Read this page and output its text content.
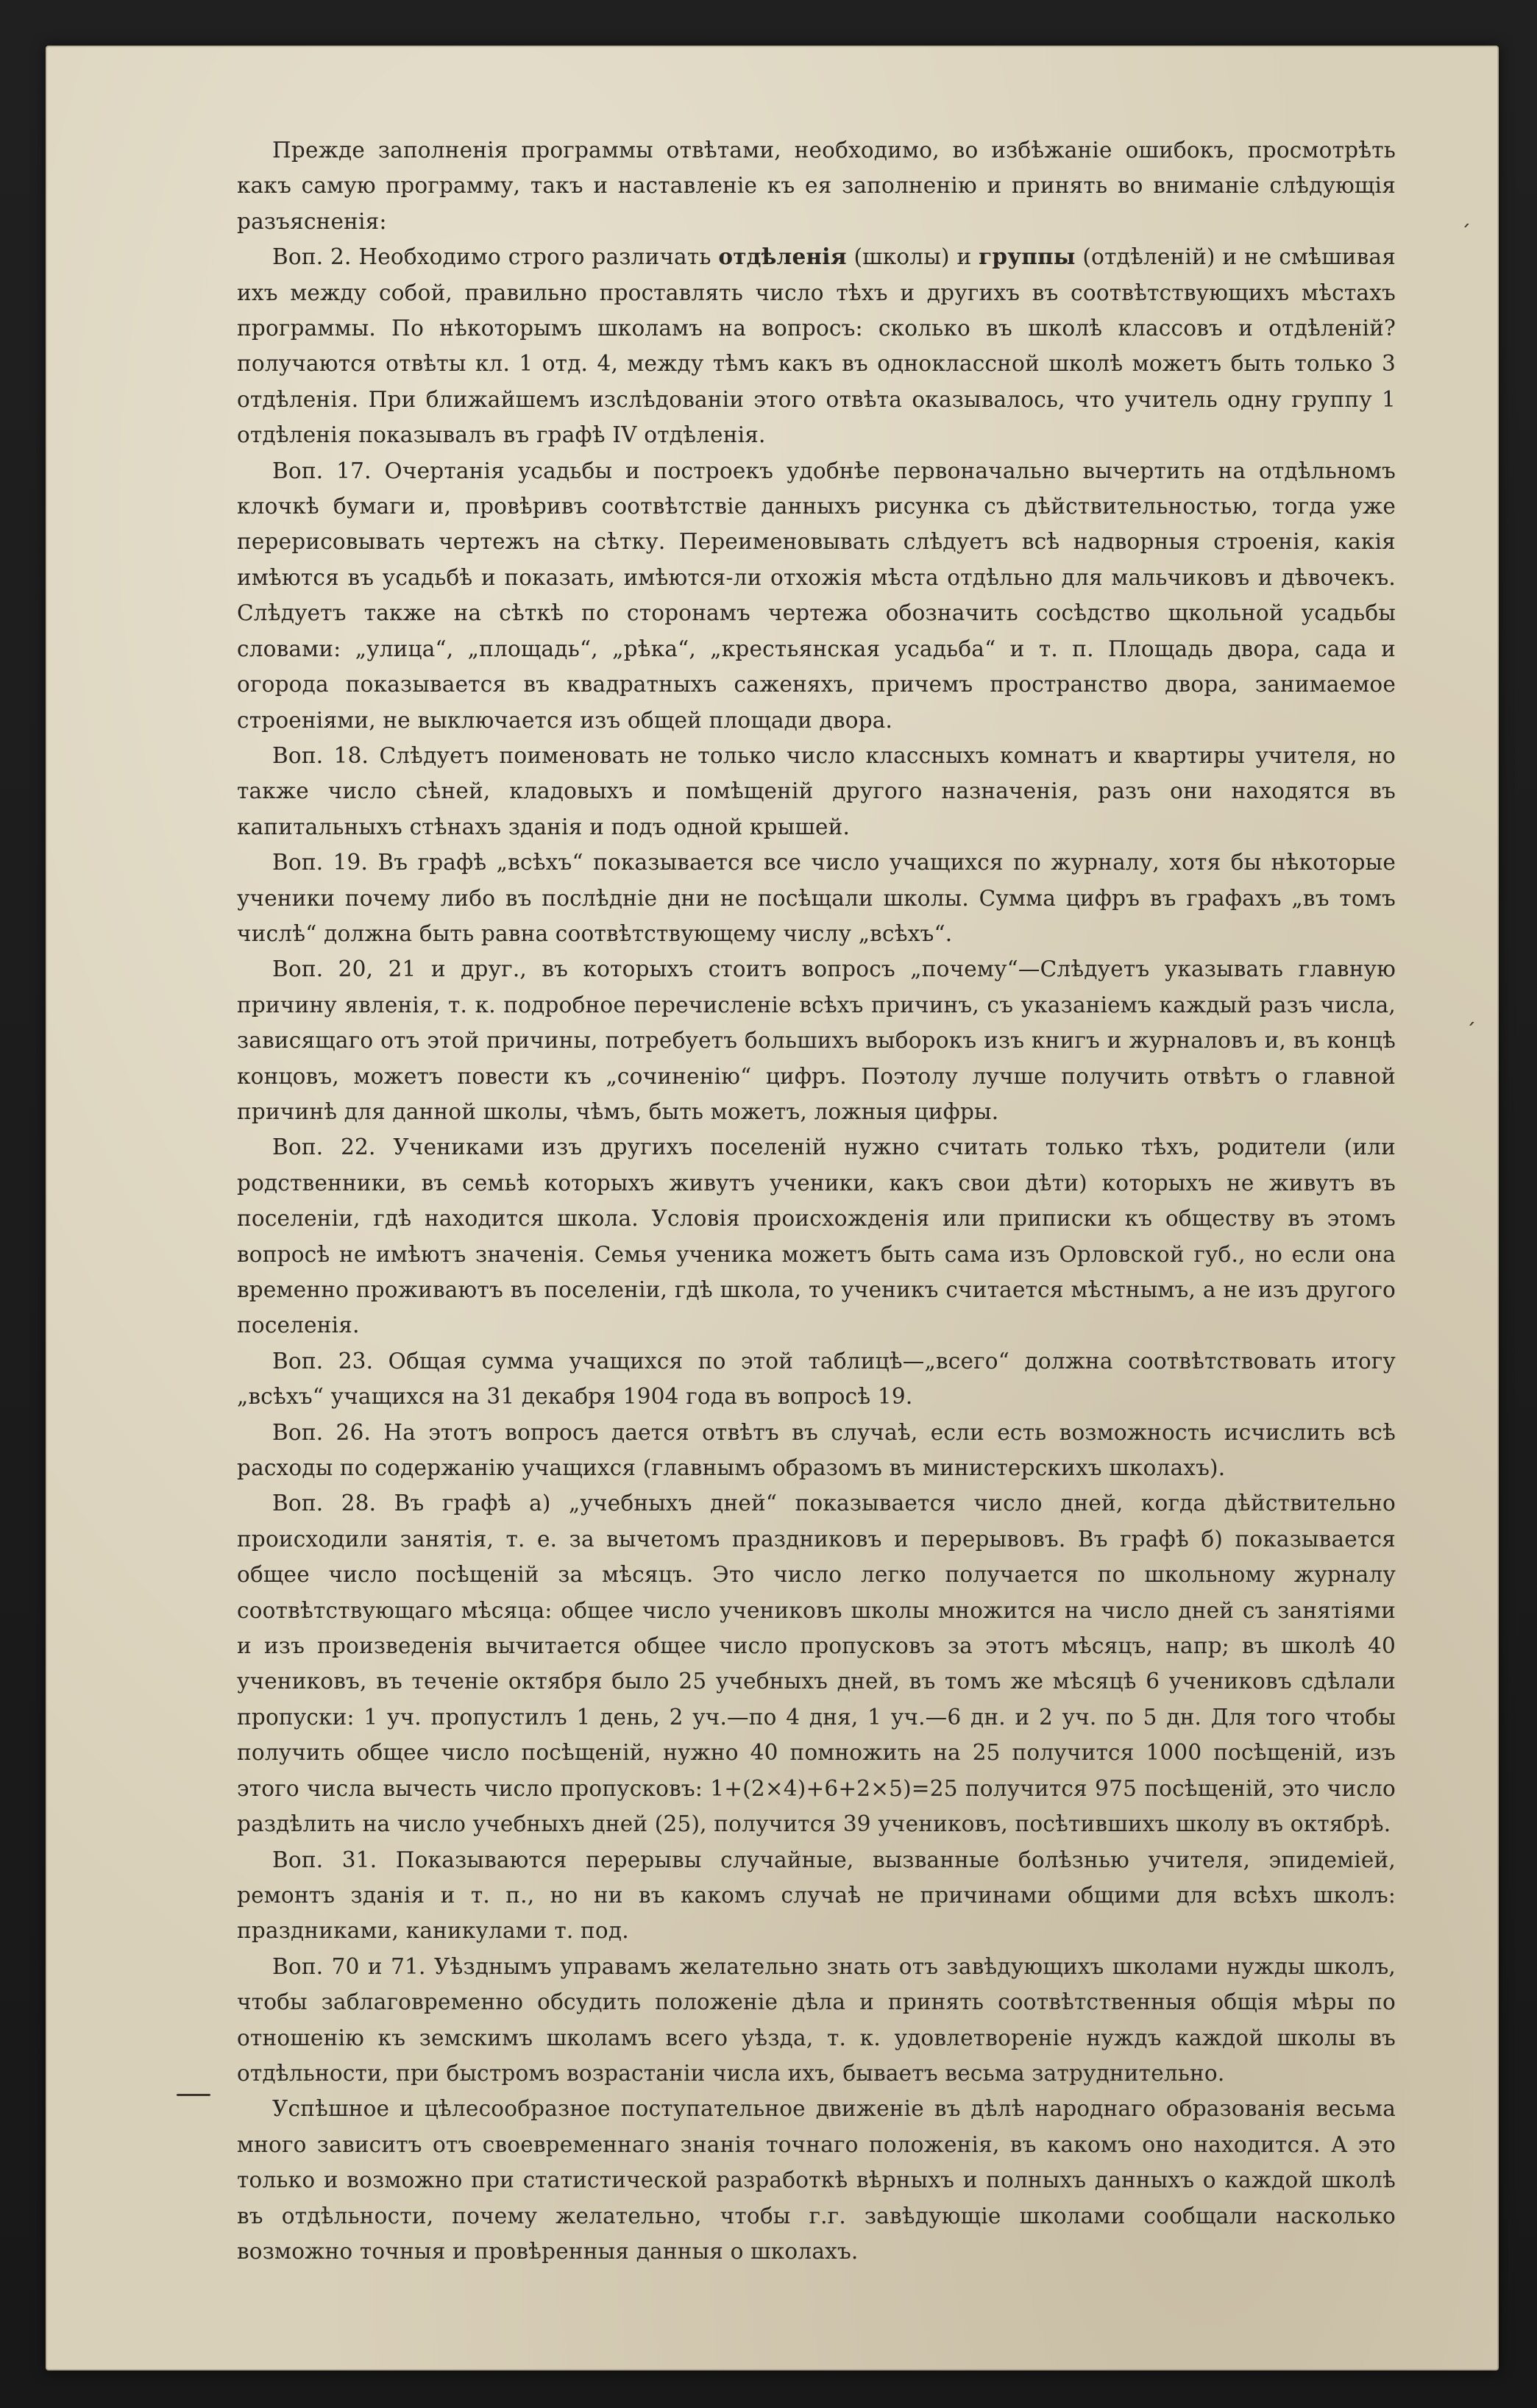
ˊ
ˊ

Прежде заполненія программы отвѣтами, необходимо, во избѣжаніе ошибокъ, просмотрѣть какъ самую программу, такъ и наставленіе къ ея заполненію и принять во вниманіе слѣдующія разъясненія:

Воп. 2. Необходимо строго различать отдѣленія (школы) и группы (отдѣленій) и не смѣшивая ихъ между собой, правильно проставлять число тѣхъ и другихъ въ соотвѣтствующихъ мѣстахъ программы. По нѣкоторымъ школамъ на вопросъ: сколько въ школѣ классовъ и отдѣленій? получаются отвѣты кл. 1 отд. 4, между тѣмъ какъ въ одноклассной школѣ можетъ быть только 3 отдѣленія. При ближайшемъ изслѣдованіи этого отвѣта оказывалось, что учитель одну группу 1 отдѣленія показывалъ въ графѣ IV отдѣленія.

Воп. 17. Очертанія усадьбы и построекъ удобнѣе первоначально вычертить на отдѣльномъ клочкѣ бумаги и, провѣривъ соотвѣтствіе данныхъ рисунка съ дѣйствительностью, тогда уже перерисовывать чертежъ на сѣтку. Переименовывать слѣдуетъ всѣ надворныя строенія, какія имѣются въ усадьбѣ и показать, имѣются-ли отхожія мѣста отдѣльно для мальчиковъ и дѣвочекъ. Слѣдуетъ также на сѣткѣ по сторонамъ чертежа обозначить сосѣдство щкольной усадьбы словами: „улица“, „площадь“, „рѣка“, „крестьянская усадьба“ и т. п. Площадь двора, сада и огорода показывается въ квадратныхъ саженяхъ, причемъ пространство двора, занимаемое строеніями, не выключается изъ общей площади двора.

Воп. 18. Слѣдуетъ поименовать не только число классныхъ комнатъ и квартиры учителя, но также число сѣней, кладовыхъ и помѣщеній другого назначенія, разъ они находятся въ капитальныхъ стѣнахъ зданія и подъ одной крышей.

Воп. 19. Въ графѣ „всѣхъ“ показывается все число учащихся по журналу, хотя бы нѣкоторые ученики почему либо въ послѣдніе дни не посѣщали школы. Сумма цифръ въ графахъ „въ томъ числѣ“ должна быть равна соотвѣтствующему числу „всѣхъ“.

Воп. 20, 21 и друг., въ которыхъ стоитъ вопросъ „почему“—Слѣдуетъ указывать главную причину явленія, т. к. подробное перечисленіе всѣхъ причинъ, съ указаніемъ каждый разъ числа, зависящаго отъ этой причины, потребуетъ большихъ выборокъ изъ книгъ и журналовъ и, въ концѣ концовъ, можетъ повести къ „сочиненію“ цифръ. Поэтолу лучше получить отвѣтъ о главной причинѣ для данной школы, чѣмъ, быть можетъ, ложныя цифры.

Воп. 22. Учениками изъ другихъ поселеній нужно считать только тѣхъ, родители (или родственники, въ семьѣ которыхъ живутъ ученики, какъ свои дѣти) которыхъ не живутъ въ поселеніи, гдѣ находится школа. Условія происхожденія или приписки къ обществу въ этомъ вопросѣ не имѣютъ значенія. Семья ученика можетъ быть сама изъ Орловской губ., но если она временно проживаютъ въ поселеніи, гдѣ школа, то ученикъ считается мѣстнымъ, а не изъ другого поселенія.

Воп. 23. Общая сумма учащихся по этой таблицѣ—„всего“ должна соотвѣтствовать итогу „всѣхъ“ учащихся на 31 декабря 1904 года въ вопросѣ 19.

Воп. 26. На этотъ вопросъ дается отвѣтъ въ случаѣ, если есть возможность исчислить всѣ расходы по содержанію учащихся (главнымъ образомъ въ министерскихъ школахъ).

Воп. 28. Въ графѣ а) „учебныхъ дней“ показывается число дней, когда дѣйствительно происходили занятія, т. е. за вычетомъ праздниковъ и перерывовъ. Въ графѣ б) показывается общее число посѣщеній за мѣсяцъ. Это число легко получается по школьному журналу соотвѣтствующаго мѣсяца: общее число учениковъ школы множится на число дней съ занятіями и изъ произведенія вычитается общее число пропусковъ за этотъ мѣсяцъ, напр; въ школѣ 40 учениковъ, въ теченіе октября было 25 учебныхъ дней, въ томъ же мѣсяцѣ 6 учениковъ сдѣлали пропуски: 1 уч. пропустилъ 1 день, 2 уч.—по 4 дня, 1 уч.—6 дн. и 2 уч. по 5 дн. Для того чтобы получить общее число посѣщеній, нужно 40 помножить на 25 получится 1000 посѣщеній, изъ этого числа вычесть число пропусковъ: 1+(2×4)+6+2×5)=25 получится 975 посѣщеній, это число раздѣлить на число учебныхъ дней (25), получится 39 учениковъ, посѣтившихъ школу въ октябрѣ.

Воп. 31. Показываются перерывы случайные, вызванные болѣзнью учителя, эпидеміей, ремонтъ зданія и т. п., но ни въ какомъ случаѣ не причинами общими для всѣхъ школъ: праздниками, каникулами т. под.

Воп. 70 и 71. Уѣзднымъ управамъ желательно знать отъ завѣдующихъ школами нужды школъ, чтобы заблаговременно обсудить положеніе дѣла и принять соотвѣтственныя общія мѣры по отношенію къ земскимъ школамъ всего уѣзда, т. к. удовлетвореніе нуждъ каждой школы въ отдѣльности, при быстромъ возрастаніи числа ихъ, бываетъ весьма затруднительно.

Успѣшное и цѣлесообразное поступательное движеніе въ дѣлѣ народнаго образованія весьма много зависитъ отъ своевременнаго знанія точнаго положенія, въ какомъ оно находится. А это только и возможно при статистической разработкѣ вѣрныхъ и полныхъ данныхъ о каждой школѣ въ отдѣльности, почему желательно, чтобы г.г. завѣдующіе школами сообщали насколько возможно точныя и провѣренныя данныя о школахъ.
